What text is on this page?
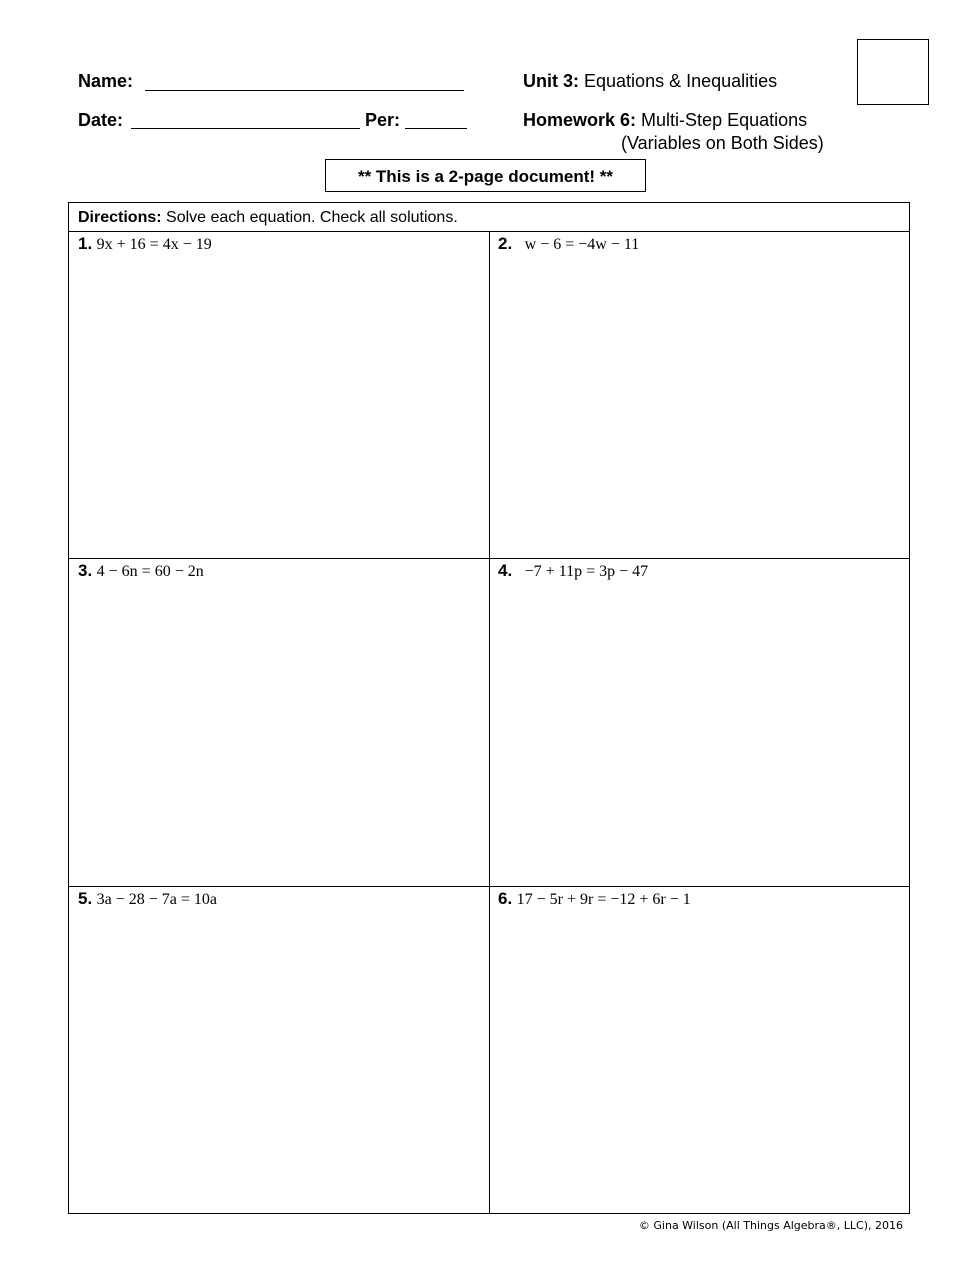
Name:
Date:	Per:
Unit 3: Equations & Inequalities
Homework 6: Multi-Step Equations
(Variables on Both Sides)
** This is a 2-page document! **
Directions: Solve each equation. Check all solutions.
1. 9x + 16 = 4x − 19	2. w − 6 = −4w − 11
3. 4 − 6n = 60 − 2n	4. −7 + 11p = 3p − 47
5. 3a − 28 − 7a = 10a	6. 17 − 5r + 9r = −12 + 6r − 1
© Gina Wilson (All Things Algebra®, LLC), 2016
